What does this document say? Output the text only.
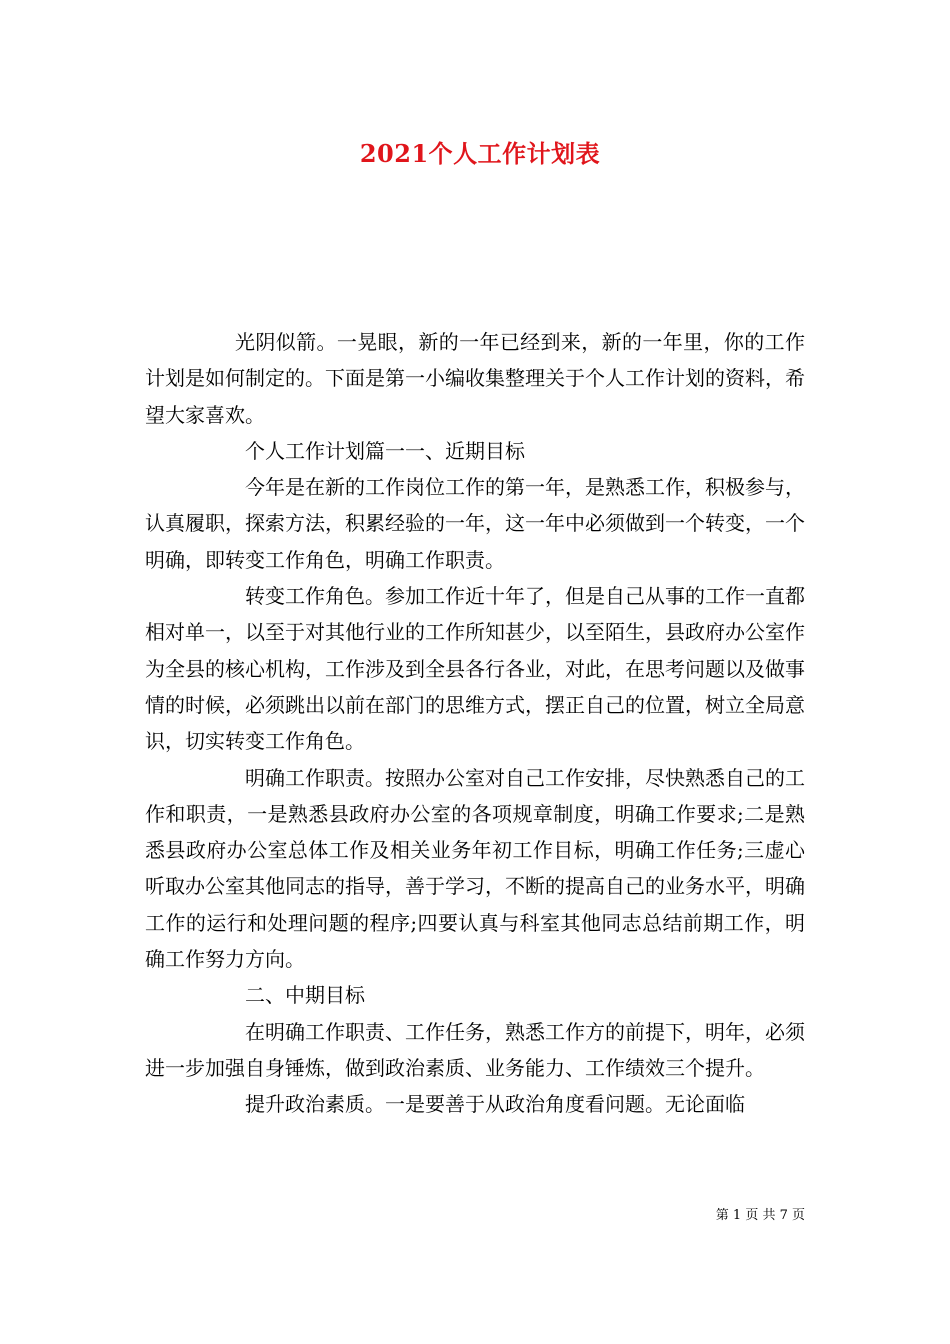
2021个人工作计划表

光阴似箭。一晃眼，新的一年已经到来，新的一年里，你的工作计划是如何制定的。下面是第一小编收集整理关于个人工作计划的资料，希望大家喜欢。

个人工作计划篇一一、近期目标

今年是在新的工作岗位工作的第一年，是熟悉工作，积极参与，认真履职，探索方法，积累经验的一年，这一年中必须做到一个转变，一个明确，即转变工作角色，明确工作职责。

转变工作角色。参加工作近十年了，但是自己从事的工作一直都相对单一，以至于对其他行业的工作所知甚少，以至陌生，县政府办公室作为全县的核心机构，工作涉及到全县各行各业，对此，在思考问题以及做事情的时候，必须跳出以前在部门的思维方式，摆正自己的位置，树立全局意识，切实转变工作角色。

明确工作职责。按照办公室对自己工作安排，尽快熟悉自己的工作和职责，一是熟悉县政府办公室的各项规章制度，明确工作要求;二是熟悉县政府办公室总体工作及相关业务年初工作目标，明确工作任务;三虚心听取办公室其他同志的指导，善于学习，不断的提高自己的业务水平，明确工作的运行和处理问题的程序;四要认真与科室其他同志总结前期工作，明确工作努力方向。

二、中期目标

在明确工作职责、工作任务，熟悉工作方的前提下，明年，必须进一步加强自身锤炼，做到政治素质、业务能力、工作绩效三个提升。

提升政治素质。一是要善于从政治角度看问题。无论面临

第 1 页 共 7 页
